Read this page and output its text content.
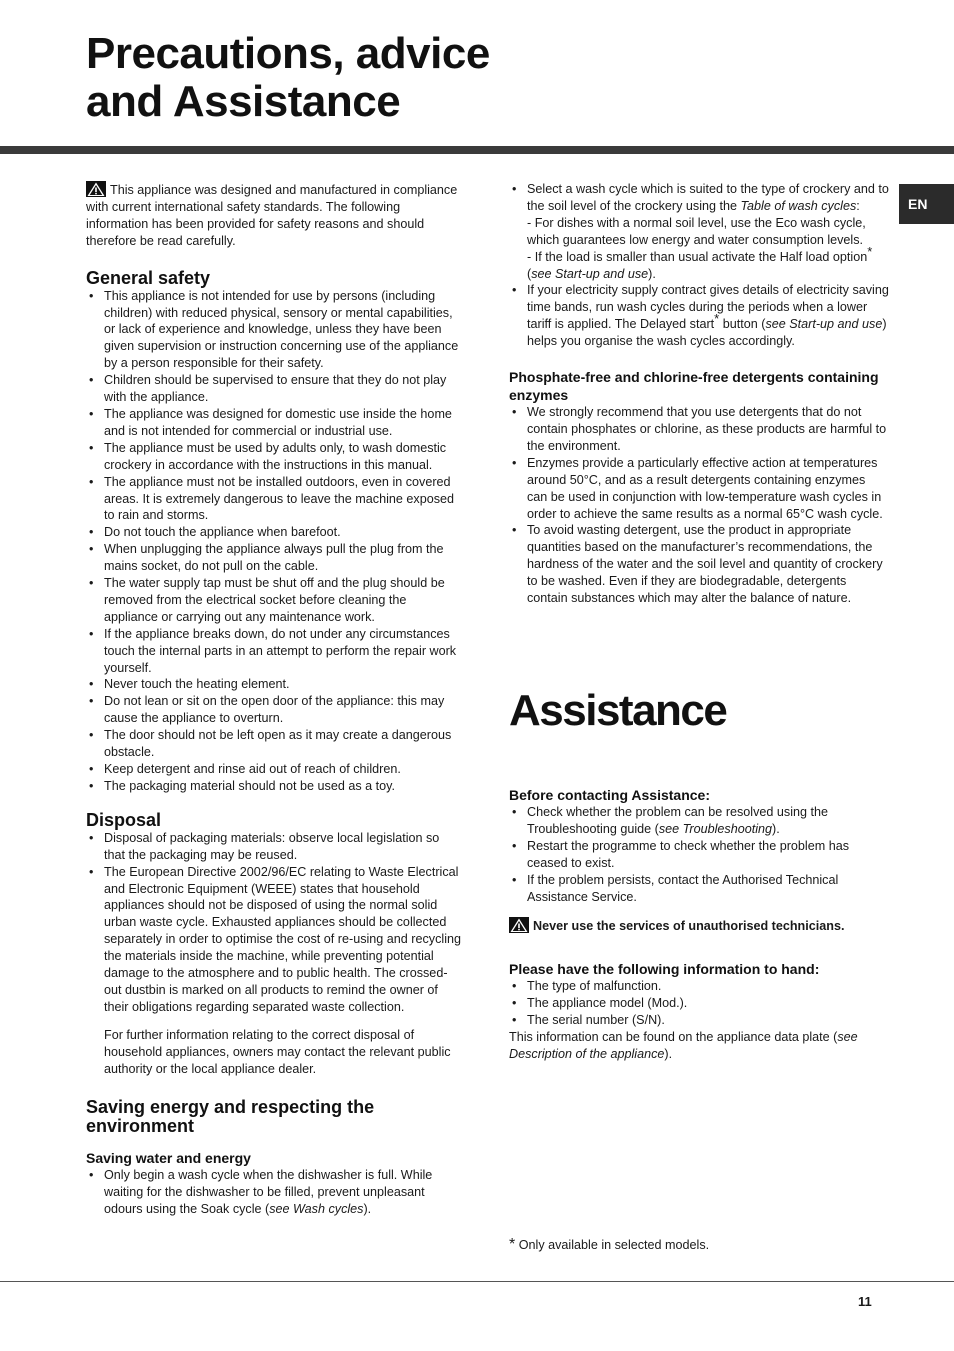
Precautions, advice
and Assistance
EN

This appliance was designed and manufactured in compliance with current international safety standards. The following information has been provided for safety reasons and should therefore be read carefully.

General safety
• This appliance is not intended for use by persons (including children) with reduced physical, sensory or mental capabilities, or lack of experience and knowledge, unless they have been given supervision or instruction concerning use of the appliance by a person responsible for their safety.
• Children should be supervised to ensure that they do not play with the appliance.
• The appliance was designed for domestic use inside the home and is not intended for commercial or industrial use.
• The appliance must be used by adults only, to wash domestic crockery in accordance with the instructions in this manual.
• The appliance must not be installed outdoors, even in covered areas. It is extremely dangerous to leave the machine exposed to rain and storms.
• Do not touch the appliance when barefoot.
• When unplugging the appliance always pull the plug from the mains socket, do not pull on the cable.
• The water supply tap must be shut off and the plug should be removed from the electrical socket before cleaning the appliance or carrying out any maintenance work.
• If the appliance breaks down, do not under any circumstances touch the internal parts in an attempt to perform the repair work yourself.
• Never touch the heating element.
• Do not lean or sit on the open door of the appliance: this may cause the appliance to overturn.
• The door should not be left open as it may create a dangerous obstacle.
• Keep detergent and rinse aid out of reach of children.
• The packaging material should not be used as a toy.
Disposal
• Disposal of packaging materials: observe local legislation so that the packaging may be reused.
• The European Directive 2002/96/EC relating to Waste Electrical and Electronic Equipment (WEEE) states that household appliances should not be disposed of using the normal solid urban waste cycle. Exhausted appliances should be collected separately in order to optimise the cost of re-using and recycling the materials inside the machine, while preventing potential damage to the atmosphere and to public health. The crossed-out dustbin is marked on all products to remind the owner of their obligations regarding separated waste collection.

For further information relating to the correct disposal of household appliances, owners may contact the relevant public authority or the local appliance dealer.

Saving energy and respecting the environment
Saving water and energy
• Only begin a wash cycle when the dishwasher is full. While waiting for the dishwasher to be filled, prevent unpleasant odours using the Soak cycle (see Wash cycles).
• Select a wash cycle which is suited to the type of crockery and to the soil level of the crockery using the Table of wash cycles:
- For dishes with a normal soil level, use the Eco wash cycle, which guarantees low energy and water consumption levels.
- If the load is smaller than usual activate the Half load option* (see Start-up and use).
• If your electricity supply contract gives details of electricity saving time bands, run wash cycles during the periods when a lower tariff is applied. The Delayed start* button (see Start-up and use) helps you organise the wash cycles accordingly.
Phosphate-free and chlorine-free detergents containing enzymes
• We strongly recommend that you use detergents that do not contain phosphates or chlorine, as these products are harmful to the environment.
• Enzymes provide a particularly effective action at temperatures around 50°C, and as a result detergents containing enzymes can be used in conjunction with low-temperature wash cycles in order to achieve the same results as a normal 65°C wash cycle.
• To avoid wasting detergent, use the product in appropriate quantities based on the manufacturer’s recommendations, the hardness of the water and the soil level and quantity of crockery to be washed. Even if they are biodegradable, detergents contain substances which may alter the balance of nature.
Assistance
Before contacting Assistance:
• Check whether the problem can be resolved using the Troubleshooting guide (see Troubleshooting).
• Restart the programme to check whether the problem has ceased to exist.
• If the problem persists, contact the Authorised Technical Assistance Service.

Never use the services of unauthorised technicians.

Please have the following information to hand:
• The type of malfunction.
• The appliance model (Mod.).
• The serial number (S/N).

This information can be found on the appliance data plate (see Description of the appliance).

* Only available in selected models.

11
